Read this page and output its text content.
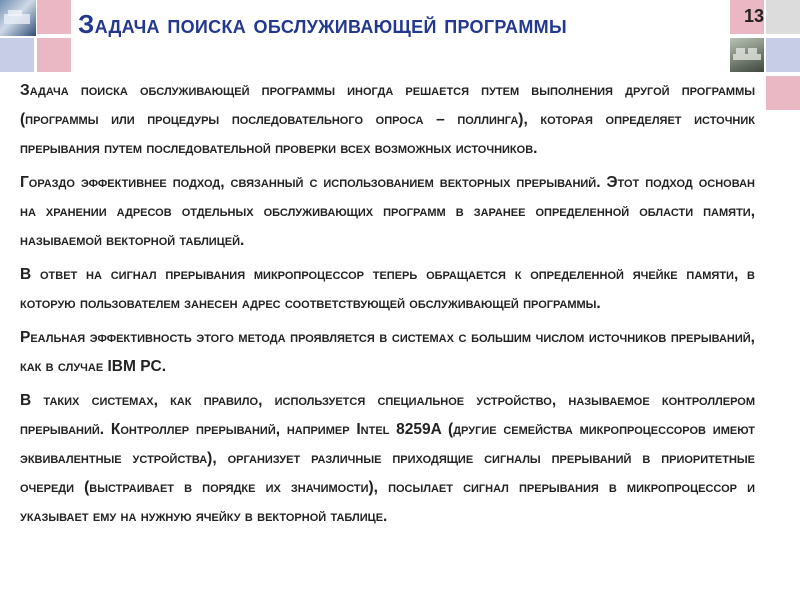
Задача поиска обслуживающей программы	13

Задача поиска обслуживающей программы иногда решается путем выполнения другой программы (программы или процедуры последовательного опроса – поллинга), которая определяет источник прерывания путем последовательной проверки всех возможных источников.

Гораздо эффективнее подход, связанный с использованием векторных прерываний. Этот подход основан на хранении адресов отдельных обслуживающих программ в заранее определенной области памяти, называемой векторной таблицей.

В ответ на сигнал прерывания микропроцессор теперь обращается к определенной ячейке памяти, в которую пользователем занесен адрес соответствующей обслуживающей программы.

Реальная эффективность этого метода проявляется в системах с большим числом источников прерываний, как в случае IBM PC.

В таких системах, как правило, используется специальное устройство, называемое контроллером прерываний. Контроллер прерываний, например Intel 8259A (другие семейства микропроцессоров имеют эквивалентные устройства), организует различные приходящие сигналы прерываний в приоритетные очереди (выстраивает в порядке их значимости), посылает сигнал прерывания в микропроцессор и указывает ему на нужную ячейку в векторной таблице.
